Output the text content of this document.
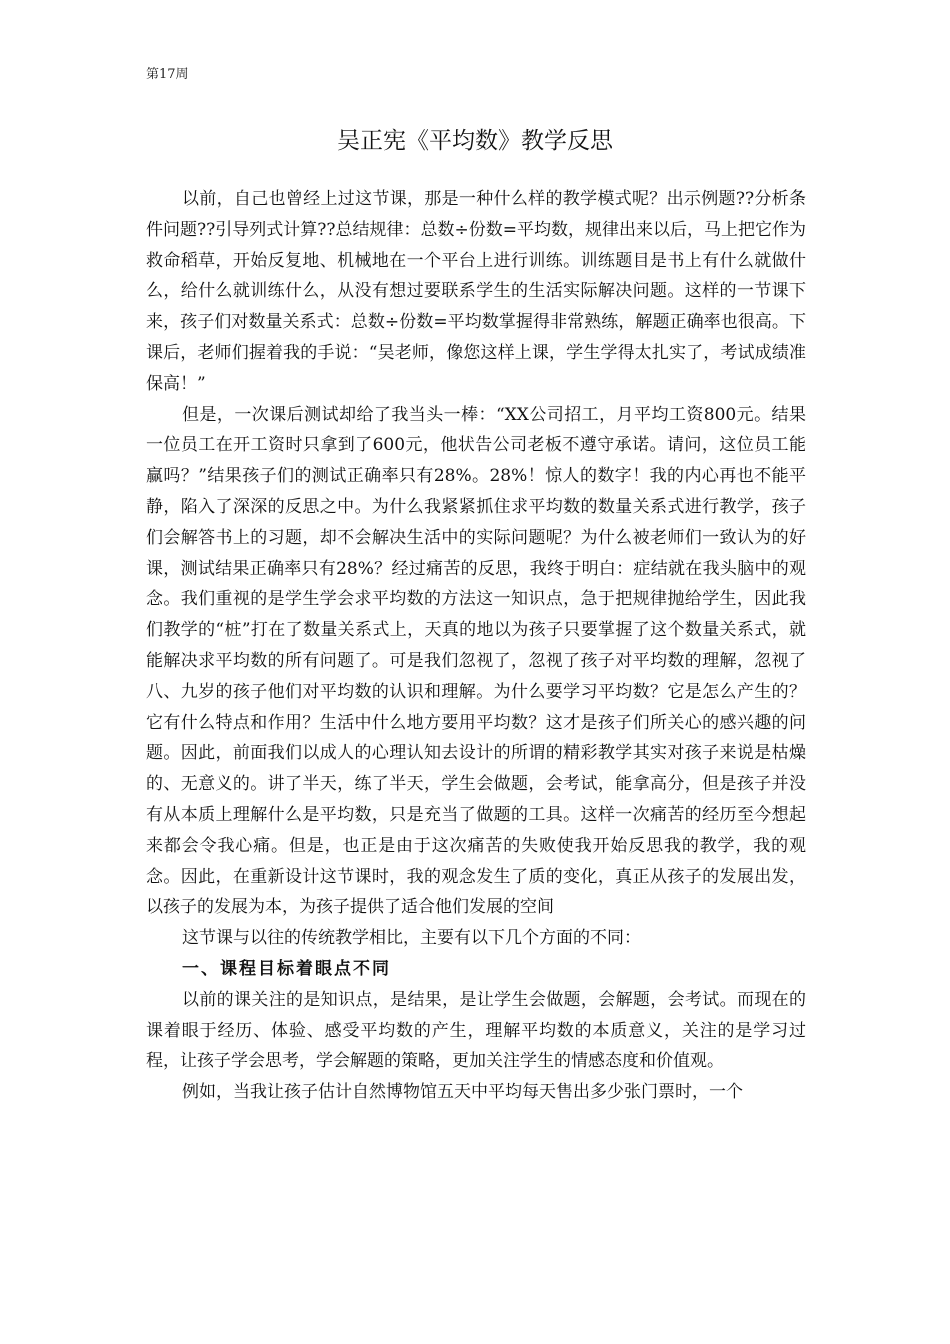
第17周
吴正宪《平均数》教学反思

以前，自己也曾经上过这节课，那是一种什么样的教学模式呢？出示例题??分析条件问题??引导列式计算??总结规律：总数÷份数=平均数，规律出来以后，马上把它作为救命稻草，开始反复地、机械地在一个平台上进行训练。训练题目是书上有什么就做什么，给什么就训练什么，从没有想过要联系学生的生活实际解决问题。这样的一节课下来，孩子们对数量关系式：总数÷份数=平均数掌握得非常熟练，解题正确率也很高。下课后，老师们握着我的手说：“吴老师，像您这样上课，学生学得太扎实了，考试成绩准保高！”

但是，一次课后测试却给了我当头一棒：“XX公司招工，月平均工资800元。结果一位员工在开工资时只拿到了600元，他状告公司老板不遵守承诺。请问，这位员工能赢吗？”结果孩子们的测试正确率只有28%。28%！惊人的数字！我的内心再也不能平静，陷入了深深的反思之中。为什么我紧紧抓住求平均数的数量关系式进行教学，孩子们会解答书上的习题，却不会解决生活中的实际问题呢？为什么被老师们一致认为的好课，测试结果正确率只有28%？经过痛苦的反思，我终于明白：症结就在我头脑中的观念。我们重视的是学生学会求平均数的方法这一知识点，急于把规律抛给学生，因此我们教学的“桩”打在了数量关系式上，天真的地以为孩子只要掌握了这个数量关系式，就能解决求平均数的所有问题了。可是我们忽视了，忽视了孩子对平均数的理解，忽视了八、九岁的孩子他们对平均数的认识和理解。为什么要学习平均数？它是怎么产生的？它有什么特点和作用？生活中什么地方要用平均数？这才是孩子们所关心的感兴趣的问题。因此，前面我们以成人的心理认知去设计的所谓的精彩教学其实对孩子来说是枯燥的、无意义的。讲了半天，练了半天，学生会做题，会考试，能拿高分，但是孩子并没有从本质上理解什么是平均数，只是充当了做题的工具。这样一次痛苦的经历至今想起来都会令我心痛。但是，也正是由于这次痛苦的失败使我开始反思我的教学，我的观念。因此，在重新设计这节课时，我的观念发生了质的变化，真正从孩子的发展出发，以孩子的发展为本，为孩子提供了适合他们发展的空间

这节课与以往的传统教学相比，主要有以下几个方面的不同：

一、课程目标着眼点不同

以前的课关注的是知识点，是结果，是让学生会做题，会解题，会考试。而现在的课着眼于经历、体验、感受平均数的产生，理解平均数的本质意义，关注的是学习过程，让孩子学会思考，学会解题的策略，更加关注学生的情感态度和价值观。

例如，当我让孩子估计自然博物馆五天中平均每天售出多少张门票时，一个
